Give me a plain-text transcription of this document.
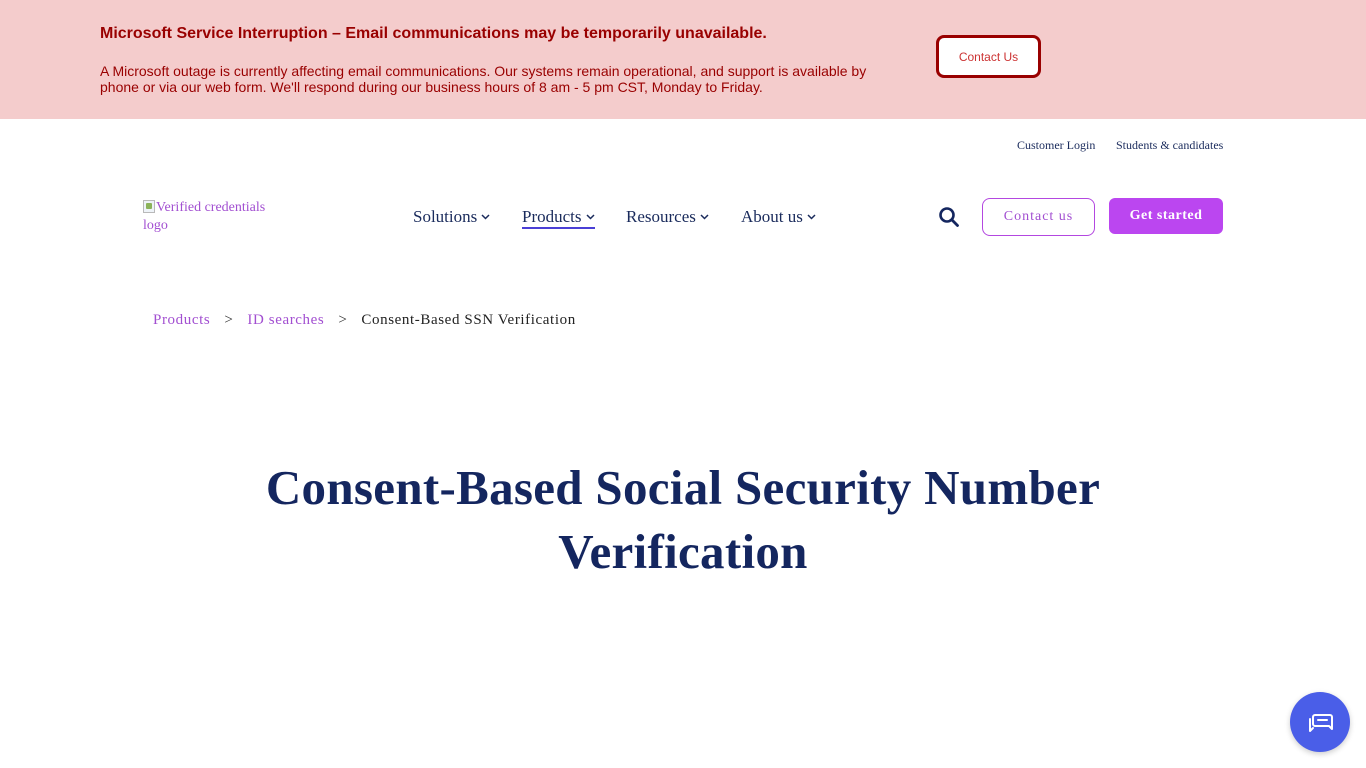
Microsoft Service Interruption – Email communications may be temporarily unavailable.
A Microsoft outage is currently affecting email communications. Our systems remain operational, and support is available by phone or via our web form. We'll respond during our business hours of 8 am - 5 pm CST, Monday to Friday.
Contact Us
Customer Login Students & candidates
Verified credentials logo	Solutions	Products	Resources	About us	Contact us	Get started
Products > ID searches > Consent-Based SSN Verification
Consent-Based Social Security Number Verification
